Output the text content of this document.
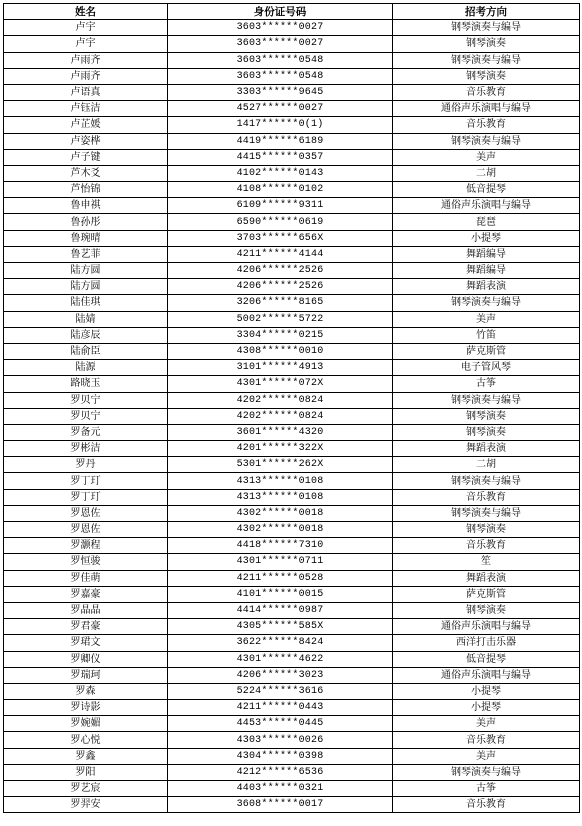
姓名	身份证号码	招考方向
卢宇	3603******0027	钢琴演奏与编导
卢宇	3603******0027	钢琴演奏
卢雨齐	3603******0548	钢琴演奏与编导
卢雨齐	3603******0548	钢琴演奏
卢语真	3303******9645	音乐教育
卢钰洁	4527******0027	通俗声乐演唱与编导
卢芷媛	1417******0(1)	音乐教育
卢姿桦	4419******6189	钢琴演奏与编导
卢子键	4415******0357	美声
芦木爻	4102******0143	二胡
芦怡锦	4108******0102	低音提琴
鲁申祺	6109******9311	通俗声乐演唱与编导
鲁孙彤	6590******0619	琵琶
鲁琬晴	3703******656X	小提琴
鲁艺菲	4211******4144	舞蹈编导
陆方圆	4206******2526	舞蹈编导
陆方圆	4206******2526	舞蹈表演
陆佳琪	3206******8165	钢琴演奏与编导
陆婧	5002******5722	美声
陆彦辰	3304******0215	竹笛
陆俞臣	4308******0010	萨克斯管
陆源	3101******4913	电子管风琴
路晓玉	4301******072X	古筝
罗贝宁	4202******0824	钢琴演奏与编导
罗贝宁	4202******0824	钢琴演奏
罗备元	3601******4320	钢琴演奏
罗彬洁	4201******322X	舞蹈表演
罗丹	5301******262X	二胡
罗丁玎	4313******0108	钢琴演奏与编导
罗丁玎	4313******0108	音乐教育
罗恩佐	4302******0018	钢琴演奏与编导
罗恩佐	4302******0018	钢琴演奏
罗灏程	4418******7310	音乐教育
罗恒骏	4301******0711	笙
罗佳萌	4211******0528	舞蹈表演
罗嘉豪	4101******0015	萨克斯管
罗晶晶	4414******0987	钢琴演奏
罗君豪	4305******585X	通俗声乐演唱与编导
罗珺文	3622******8424	西洋打击乐器
罗卿仪	4301******4622	低音提琴
罗瑞珂	4206******3023	通俗声乐演唱与编导
罗森	5224******3616	小提琴
罗诗影	4211******0443	小提琴
罗婉媚	4453******0445	美声
罗心悦	4303******0026	音乐教育
罗鑫	4304******0398	美声
罗阳	4212******6536	钢琴演奏与编导
罗艺宸	4403******0321	古筝
罗羿安	3608******0017	音乐教育
